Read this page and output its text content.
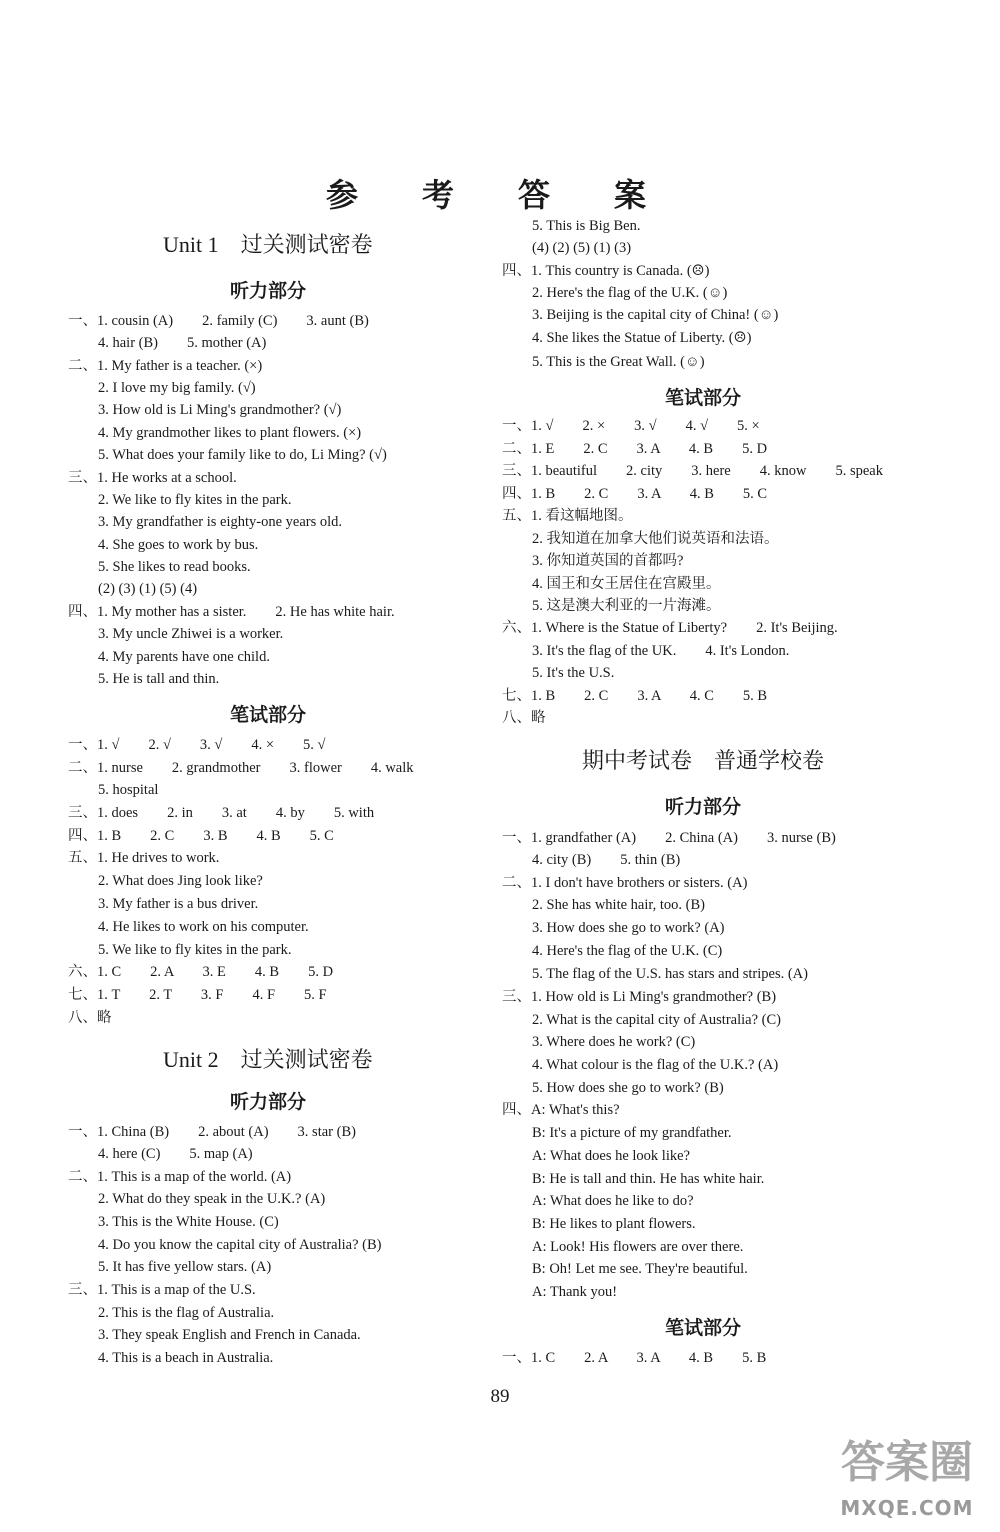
参 考 答 案
Unit 1　过关测试密卷
听力部分
一、1. cousin (A)　　2. family (C)　　3. aunt (B)
4. hair (B)　　5. mother (A)
二、1. My father is a teacher. (×)
2. I love my big family. (√)
3. How old is Li Ming's grandmother? (√)
4. My grandmother likes to plant flowers. (×)
5. What does your family like to do, Li Ming? (√)
三、1. He works at a school.
2. We like to fly kites in the park.
3. My grandfather is eighty-one years old.
4. She goes to work by bus.
5. She likes to read books.
(2) (3) (1) (5) (4)
四、1. My mother has a sister.　　2. He has white hair.
3. My uncle Zhiwei is a worker.
4. My parents have one child.
5. He is tall and thin.
笔试部分
一、1. √　　2. √　　3. √　　4. ×　　5. √
二、1. nurse　　2. grandmother　　3. flower　　4. walk
5. hospital
三、1. does　　2. in　　3. at　　4. by　　5. with
四、1. B　　2. C　　3. B　　4. B　　5. C
五、1. He drives to work.
2. What does Jing look like?
3. My father is a bus driver.
4. He likes to work on his computer.
5. We like to fly kites in the park.
六、1. C　　2. A　　3. E　　4. B　　5. D
七、1. T　　2. T　　3. F　　4. F　　5. F
八、略
Unit 2　过关测试密卷
听力部分
一、1. China (B)　　2. about (A)　　3. star (B)
4. here (C)　　5. map (A)
二、1. This is a map of the world. (A)
2. What do they speak in the U.K.? (A)
3. This is the White House. (C)
4. Do you know the capital city of Australia? (B)
5. It has five yellow stars. (A)
三、1. This is a map of the U.S.
2. This is the flag of Australia.
3. They speak English and French in Canada.
4. This is a beach in Australia.
5. This is Big Ben.
(4) (2) (5) (1) (3)
四、1. This country is Canada. (☹)
2. Here's the flag of the U.K. (☺)
3. Beijing is the capital city of China! (☺)
4. She likes the Statue of Liberty. (☹)
5. This is the Great Wall. (☺)
笔试部分
一、1. √　　2. ×　　3. √　　4. √　　5. ×
二、1. E　　2. C　　3. A　　4. B　　5. D
三、1. beautiful　　2. city　　3. here　　4. know　　5. speak
四、1. B　　2. C　　3. A　　4. B　　5. C
五、1. 看这幅地图。
2. 我知道在加拿大他们说英语和法语。
3. 你知道英国的首都吗?
4. 国王和女王居住在宫殿里。
5. 这是澳大利亚的一片海滩。
六、1. Where is the Statue of Liberty?　　2. It's Beijing.
3. It's the flag of the UK.　　4. It's London.
5. It's the U.S.
七、1. B　　2. C　　3. A　　4. C　　5. B
八、略
期中考试卷　普通学校卷
听力部分
一、1. grandfather (A)　　2. China (A)　　3. nurse (B)
4. city (B)　　5. thin (B)
二、1. I don't have brothers or sisters. (A)
2. She has white hair, too. (B)
3. How does she go to work? (A)
4. Here's the flag of the U.K. (C)
5. The flag of the U.S. has stars and stripes. (A)
三、1. How old is Li Ming's grandmother? (B)
2. What is the capital city of Australia? (C)
3. Where does he work? (C)
4. What colour is the flag of the U.K.? (A)
5. How does she go to work? (B)
四、A: What's this?
B: It's a picture of my grandfather.
A: What does he look like?
B: He is tall and thin. He has white hair.
A: What does he like to do?
B: He likes to plant flowers.
A: Look! His flowers are over there.
B: Oh! Let me see. They're beautiful.
A: Thank you!
笔试部分
一、1. C　　2. A　　3. A　　4. B　　5. B
89
答案圈
MXQE.COM
